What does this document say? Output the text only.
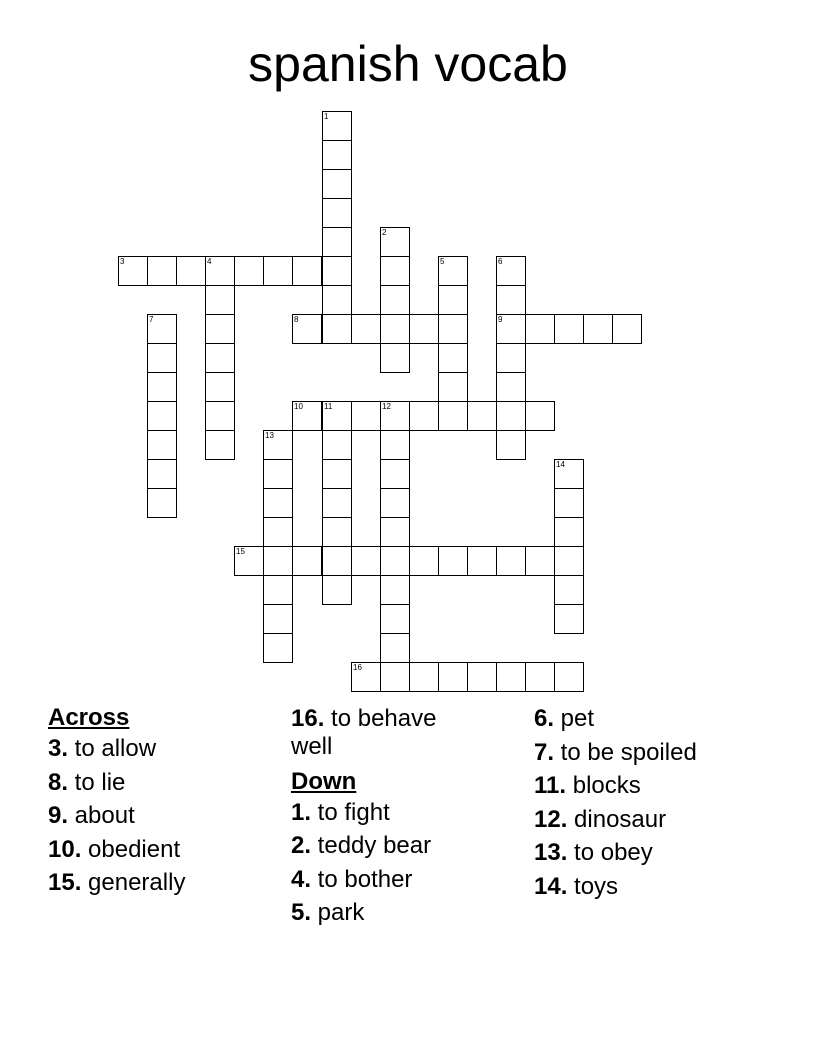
spanish vocab
1
3	4
2
5	6
8	9
7
10	11	12
13
14
15
16
Across
3. to allow
8. to lie
9. about
10. obedient
15. generally
16. to behave well
Down
1. to fight
2. teddy bear
4. to bother
5. park
6. pet
7. to be spoiled
11. blocks
12. dinosaur
13. to obey
14. toys
